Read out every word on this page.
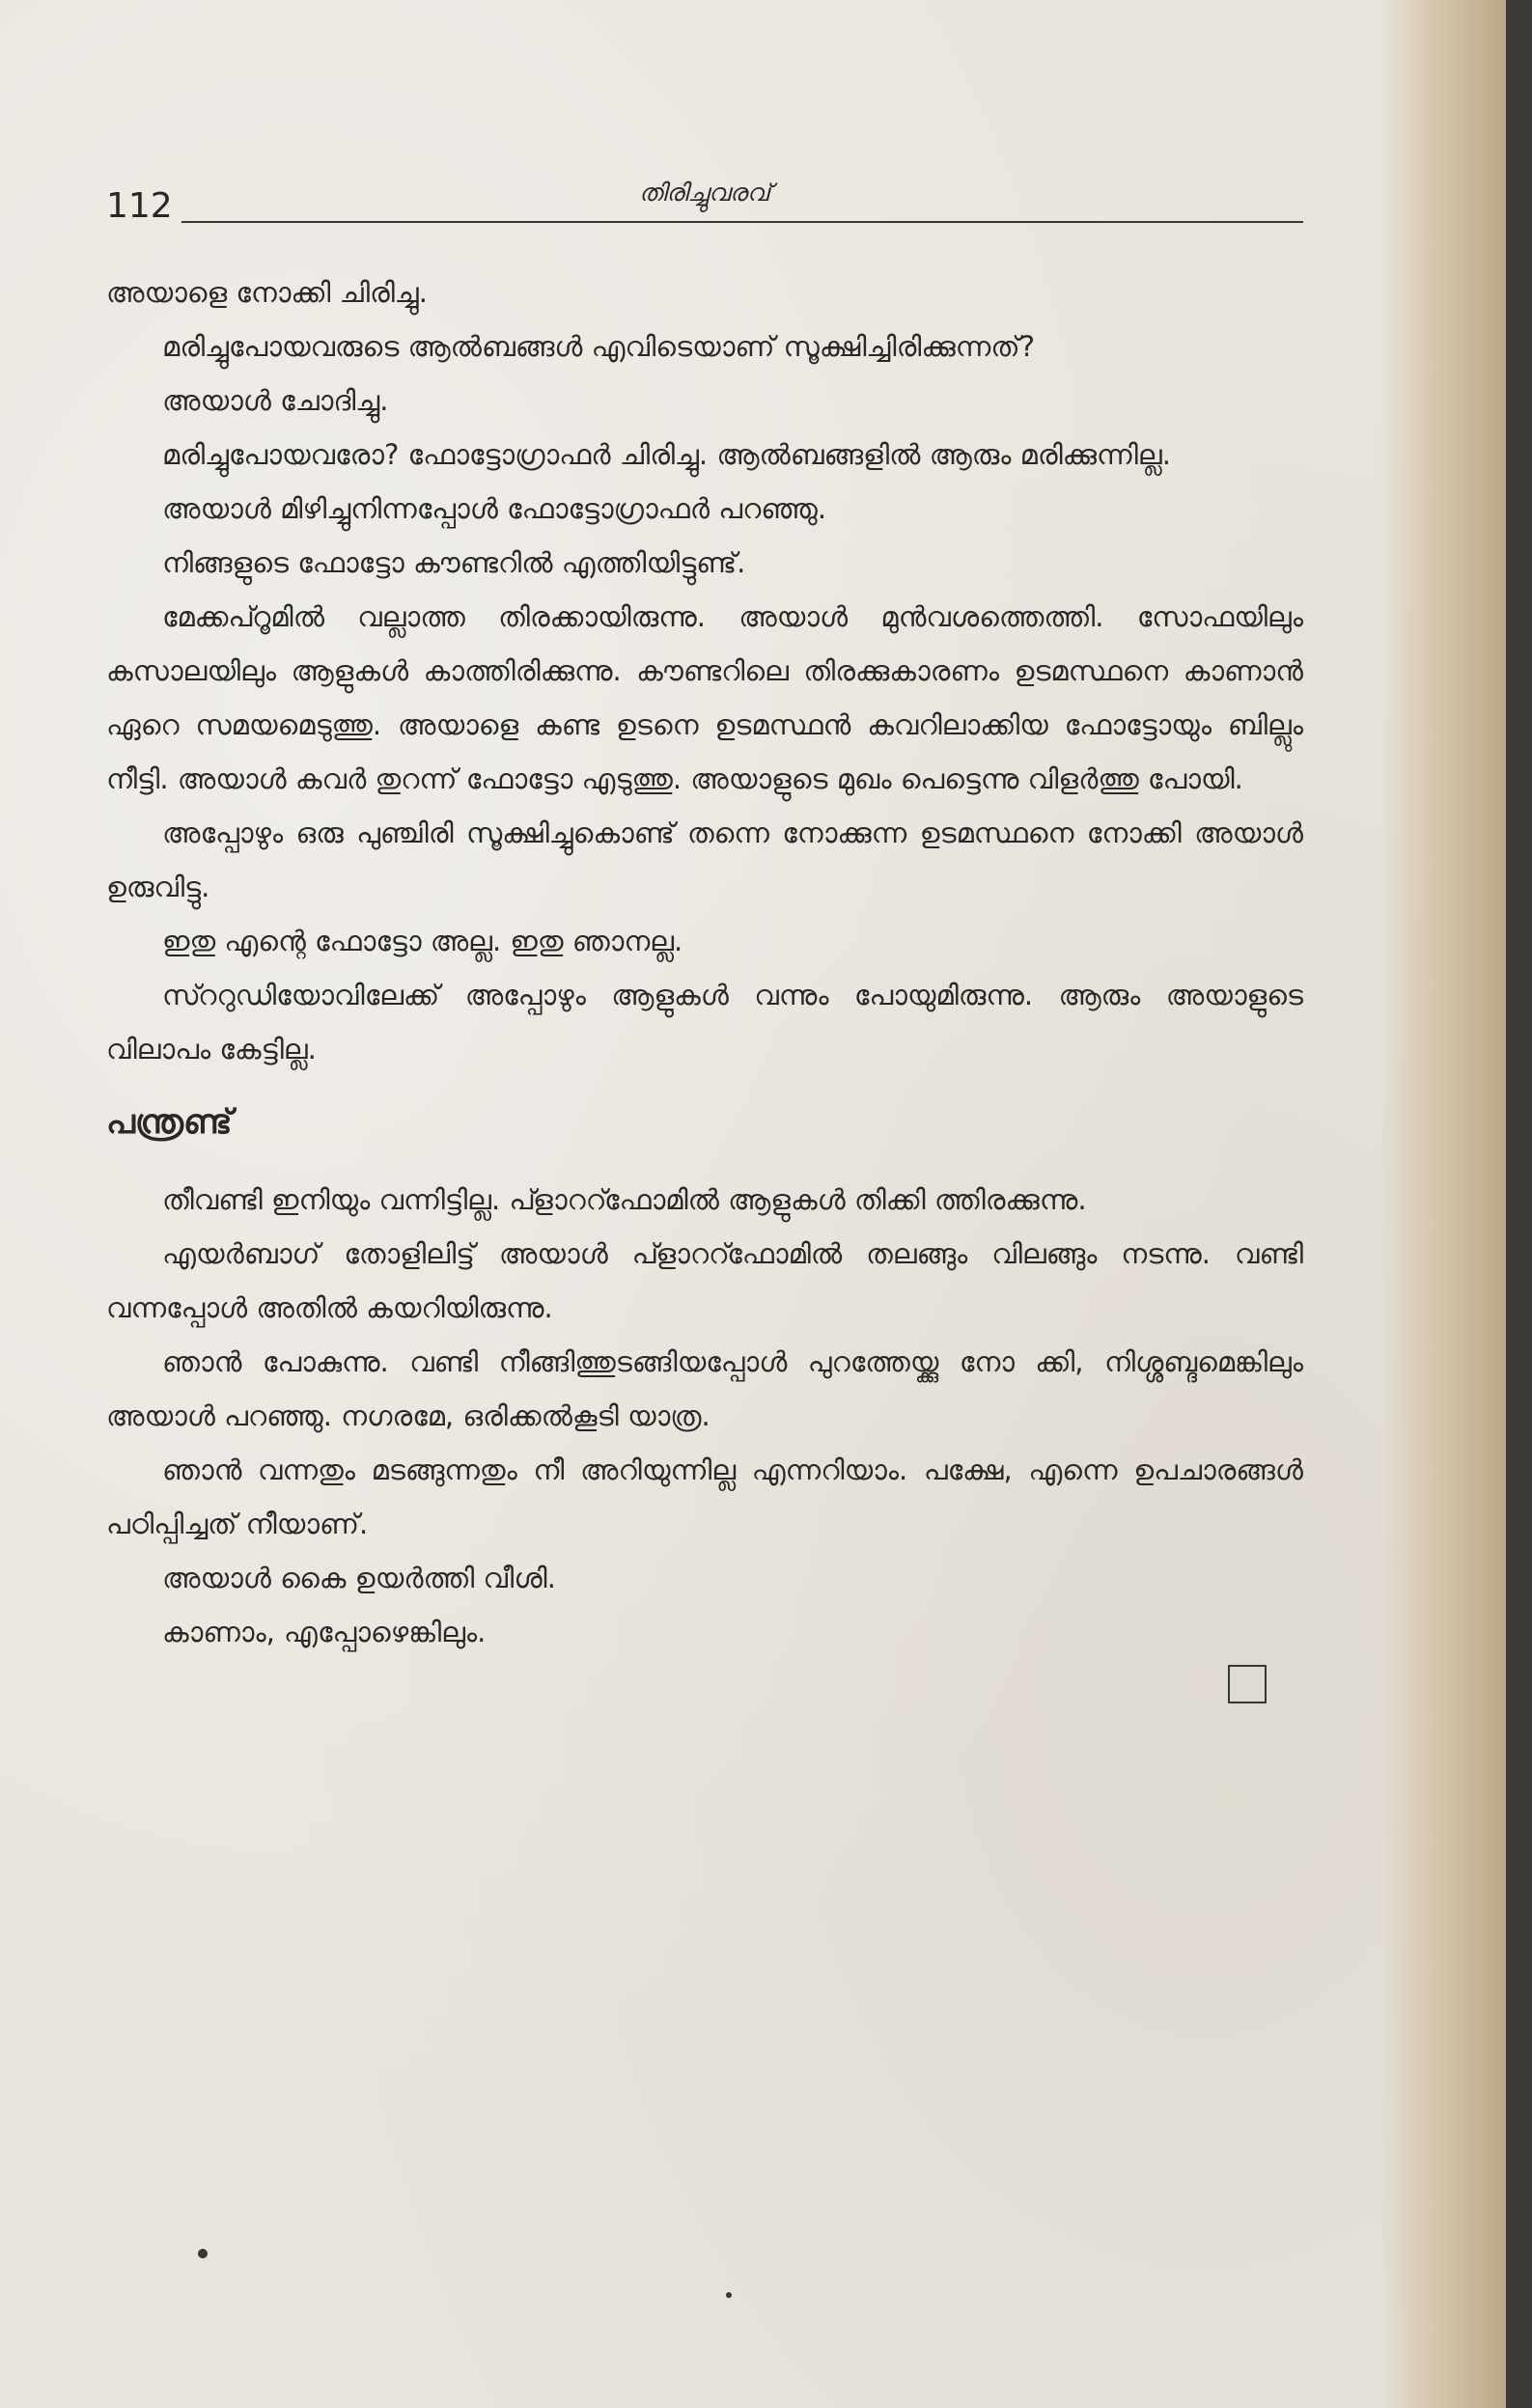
112	തിരിച്ചുവരവ്

അയാളെ നോക്കി ചിരിച്ചു.

മരിച്ചുപോയവരുടെ ആൽബങ്ങൾ എവിടെയാണ് സൂക്ഷിച്ചിരിക്കുന്നത്?

അയാൾ ചോദിച്ചു.

മരിച്ചുപോയവരോ? ഫോട്ടോഗ്രാഫർ ചിരിച്ചു. ആൽബങ്ങളിൽ ആരും മരിക്കുന്നില്ല.

അയാൾ മിഴിച്ചുനിന്നപ്പോൾ ഫോട്ടോഗ്രാഫർ പറഞ്ഞു.

നിങ്ങളുടെ ഫോട്ടോ കൗണ്ടറിൽ എത്തിയിട്ടുണ്ട്.

മേക്കപ്റൂമിൽ വല്ലാത്ത തിരക്കായിരുന്നു. അയാൾ മുൻവശത്തെത്തി. സോഫയിലും കസാലയിലും ആളുകൾ കാത്തിരിക്കുന്നു. കൗണ്ടറിലെ തിരക്കുകാരണം ഉടമസ്ഥനെ കാണാൻ ഏറെ സമയമെടുത്തു. അയാളെ കണ്ട ഉടനെ ഉടമസ്ഥൻ കവറിലാക്കിയ ഫോട്ടോയും ബില്ലും നീട്ടി. അയാൾ കവർ തുറന്ന് ഫോട്ടോ എടുത്തു. അയാളുടെ മുഖം പെട്ടെന്നു വിളർത്തു പോയി.

അപ്പോഴും ഒരു പുഞ്ചിരി സൂക്ഷിച്ചുകൊണ്ട് തന്നെ നോക്കുന്ന ഉടമസ്ഥനെ നോക്കി അയാൾ ഉരുവിട്ടു.

ഇതു എന്റെ ഫോട്ടോ അല്ല. ഇതു ഞാനല്ല.

സ്ററുഡിയോവിലേക്ക് അപ്പോഴും ആളുകൾ വന്നും പോയുമിരുന്നു. ആരും അയാളുടെ വിലാപം കേട്ടില്ല.

പന്ത്രണ്ട്

തീവണ്ടി ഇനിയും വന്നിട്ടില്ല. പ്ളാററ്ഫോമിൽ ആളുകൾ തിക്കി ത്തിരക്കുന്നു.

എയർബാഗ് തോളിലിട്ട് അയാൾ പ്ളാററ്ഫോമിൽ തലങ്ങും വിലങ്ങും നടന്നു. വണ്ടി വന്നപ്പോൾ അതിൽ കയറിയിരുന്നു.

ഞാൻ പോകുന്നു. വണ്ടി നീങ്ങിത്തുടങ്ങിയപ്പോൾ പുറത്തേയ്ക്കു നോ ക്കി, നിശ്ശബ്ദമെങ്കിലും അയാൾ പറഞ്ഞു. നഗരമേ, ഒരിക്കൽകൂടി യാത്ര.

ഞാൻ വന്നതും മടങ്ങുന്നതും നീ അറിയുന്നില്ല എന്നറിയാം. പക്ഷേ, എന്നെ ഉപചാരങ്ങൾ പഠിപ്പിച്ചത് നീയാണ്.

അയാൾ കൈ ഉയർത്തി വീശി.

കാണാം, എപ്പോഴെങ്കിലും.
